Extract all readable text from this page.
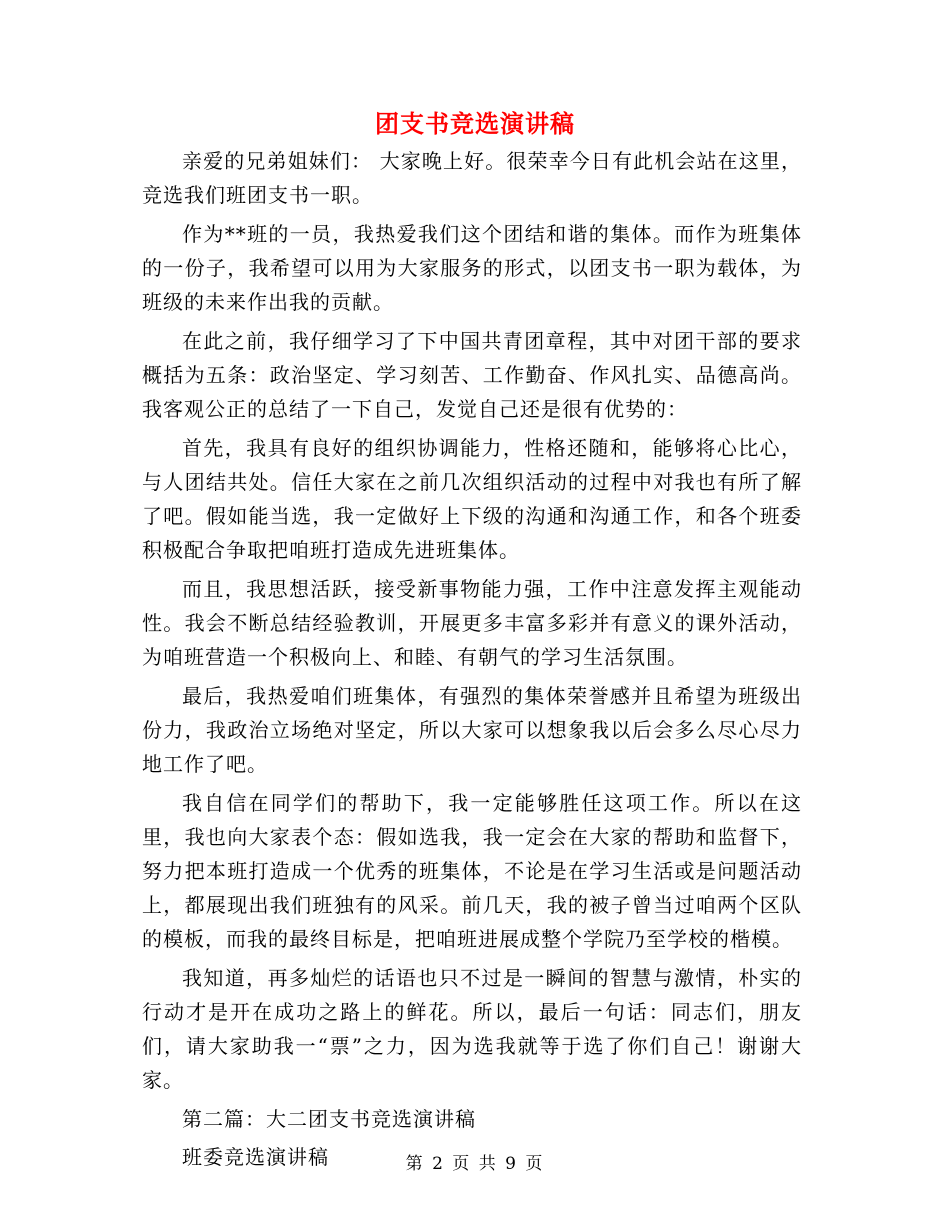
团支书竞选演讲稿

亲爱的兄弟姐妹们： 大家晚上好。很荣幸今日有此机会站在这里，竞选我们班团支书一职。

作为**班的一员，我热爱我们这个团结和谐的集体。而作为班集体的一份子，我希望可以用为大家服务的形式，以团支书一职为载体，为班级的未来作出我的贡献。

在此之前，我仔细学习了下中国共青团章程，其中对团干部的要求概括为五条：政治坚定、学习刻苦、工作勤奋、作风扎实、品德高尚。我客观公正的总结了一下自己，发觉自己还是很有优势的：

首先，我具有良好的组织协调能力，性格还随和，能够将心比心，与人团结共处。信任大家在之前几次组织活动的过程中对我也有所了解了吧。假如能当选，我一定做好上下级的沟通和沟通工作，和各个班委积极配合争取把咱班打造成先进班集体。

而且，我思想活跃，接受新事物能力强，工作中注意发挥主观能动性。我会不断总结经验教训，开展更多丰富多彩并有意义的课外活动，为咱班营造一个积极向上、和睦、有朝气的学习生活氛围。

最后，我热爱咱们班集体，有强烈的集体荣誉感并且希望为班级出份力，我政治立场绝对坚定，所以大家可以想象我以后会多么尽心尽力地工作了吧。

我自信在同学们的帮助下，我一定能够胜任这项工作。所以在这里，我也向大家表个态：假如选我，我一定会在大家的帮助和监督下，努力把本班打造成一个优秀的班集体，不论是在学习生活或是问题活动上，都展现出我们班独有的风采。前几天，我的被子曾当过咱两个区队的模板，而我的最终目标是，把咱班进展成整个学院乃至学校的楷模。

我知道，再多灿烂的话语也只不过是一瞬间的智慧与激情，朴实的行动才是开在成功之路上的鲜花。所以，最后一句话：同志们，朋友们，请大家助我一“票”之力，因为选我就等于选了你们自己！谢谢大家。

第二篇：大二团支书竞选演讲稿

班委竞选演讲稿	第 2 页 共 9 页
